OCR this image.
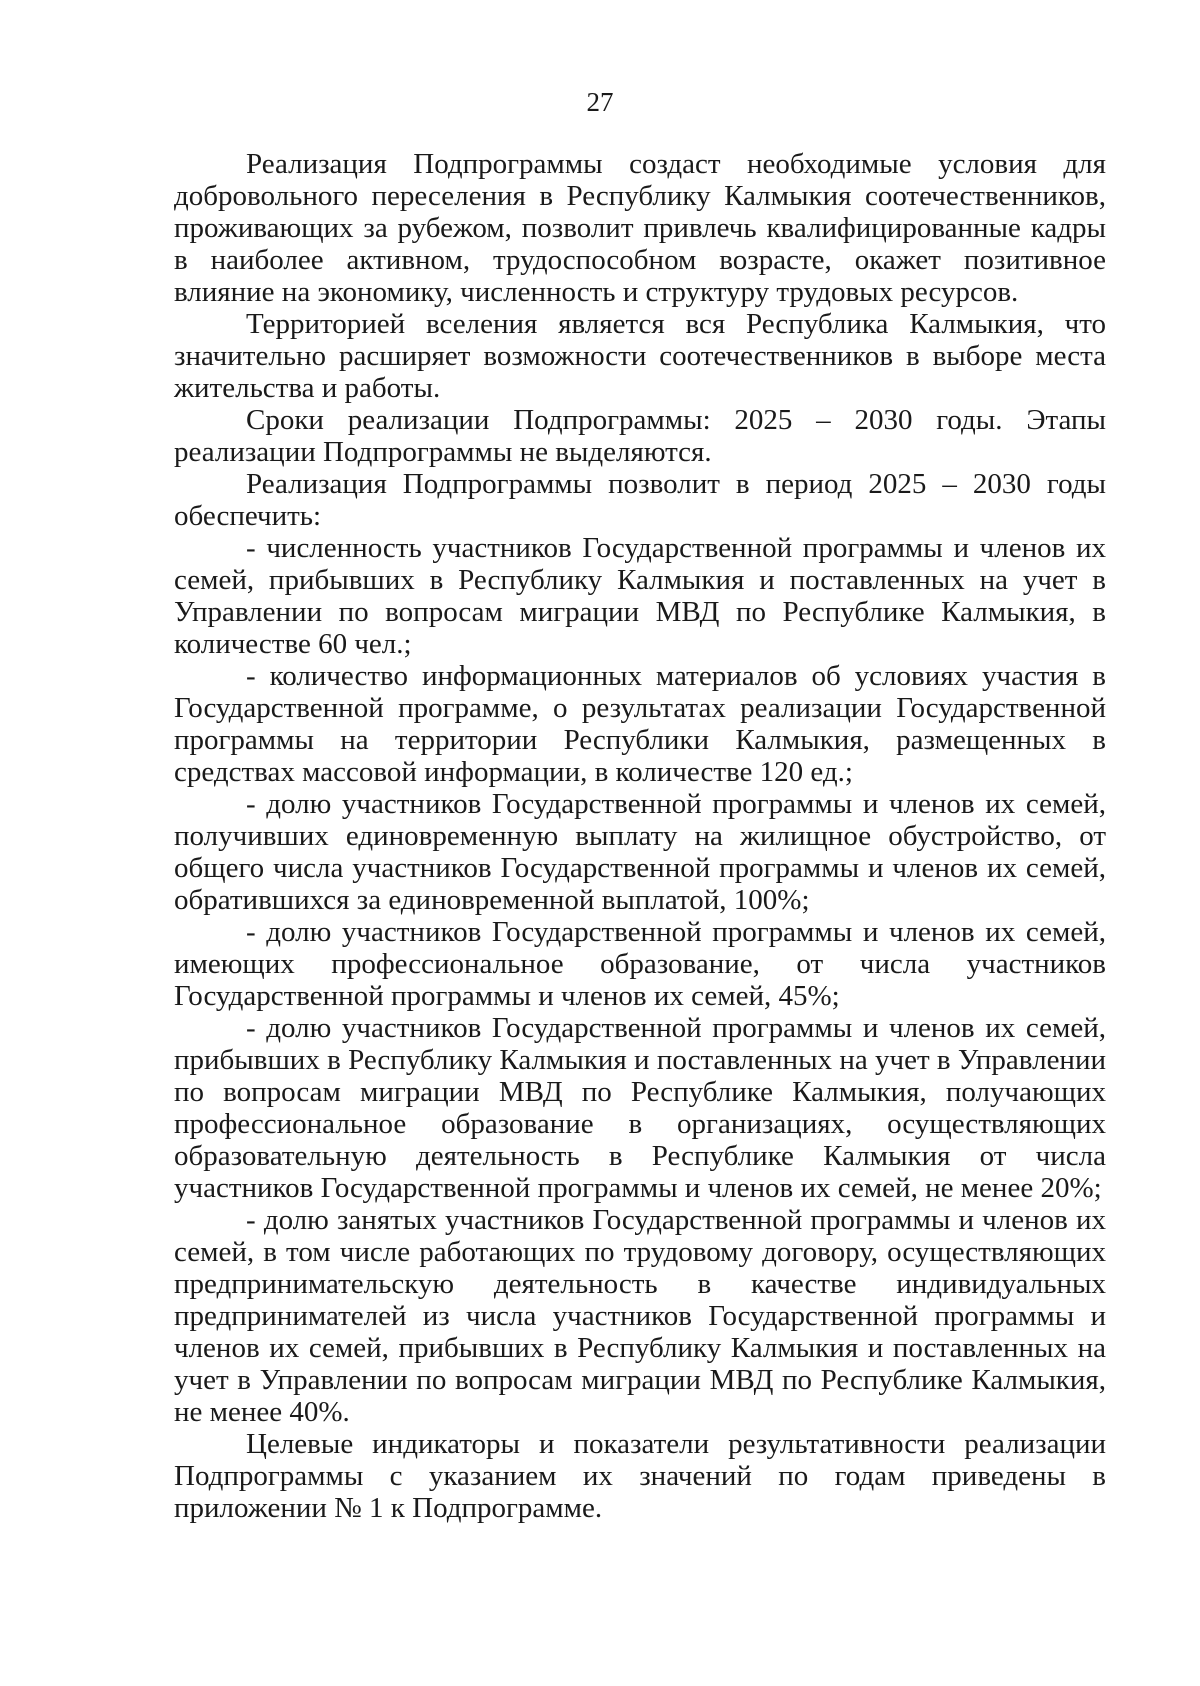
27

Реализация Подпрограммы создаст необходимые условия для добровольного переселения в Республику Калмыкия соотечественников, проживающих за рубежом, позволит привлечь квалифицированные кадры в наиболее активном, трудоспособном возрасте, окажет позитивное влияние на экономику, численность и структуру трудовых ресурсов.

Территорией вселения является вся Республика Калмыкия, что значительно расширяет возможности соотечественников в выборе места жительства и работы.

Сроки реализации Подпрограммы: 2025 – 2030 годы. Этапы реализации Подпрограммы не выделяются.

Реализация Подпрограммы позволит в период 2025 – 2030 годы обеспечить:

- численность участников Государственной программы и членов их семей, прибывших в Республику Калмыкия и поставленных на учет в Управлении по вопросам миграции МВД по Республике Калмыкия, в количестве 60 чел.;

- количество информационных материалов об условиях участия в Государственной программе, о результатах реализации Государственной программы на территории Республики Калмыкия, размещенных в средствах массовой информации, в количестве 120 ед.;

- долю участников Государственной программы и членов их семей, получивших единовременную выплату на жилищное обустройство, от общего числа участников Государственной программы и членов их семей, обратившихся за единовременной выплатой, 100%;

- долю участников Государственной программы и членов их семей, имеющих профессиональное образование, от числа участников Государственной программы и членов их семей, 45%;

- долю участников Государственной программы и членов их семей, прибывших в Республику Калмыкия и поставленных на учет в Управлении по вопросам миграции МВД по Республике Калмыкия, получающих профессиональное образование в организациях, осуществляющих образовательную деятельность в Республике Калмыкия от числа участников Государственной программы и членов их семей, не менее 20%;

- долю занятых участников Государственной программы и членов их семей, в том числе работающих по трудовому договору, осуществляющих предпринимательскую деятельность в качестве индивидуальных предпринимателей из числа участников Государственной программы и членов их семей, прибывших в Республику Калмыкия и поставленных на учет в Управлении по вопросам миграции МВД по Республике Калмыкия, не менее 40%.

Целевые индикаторы и показатели результативности реализации Подпрограммы с указанием их значений по годам приведены в приложении № 1 к Подпрограмме.
